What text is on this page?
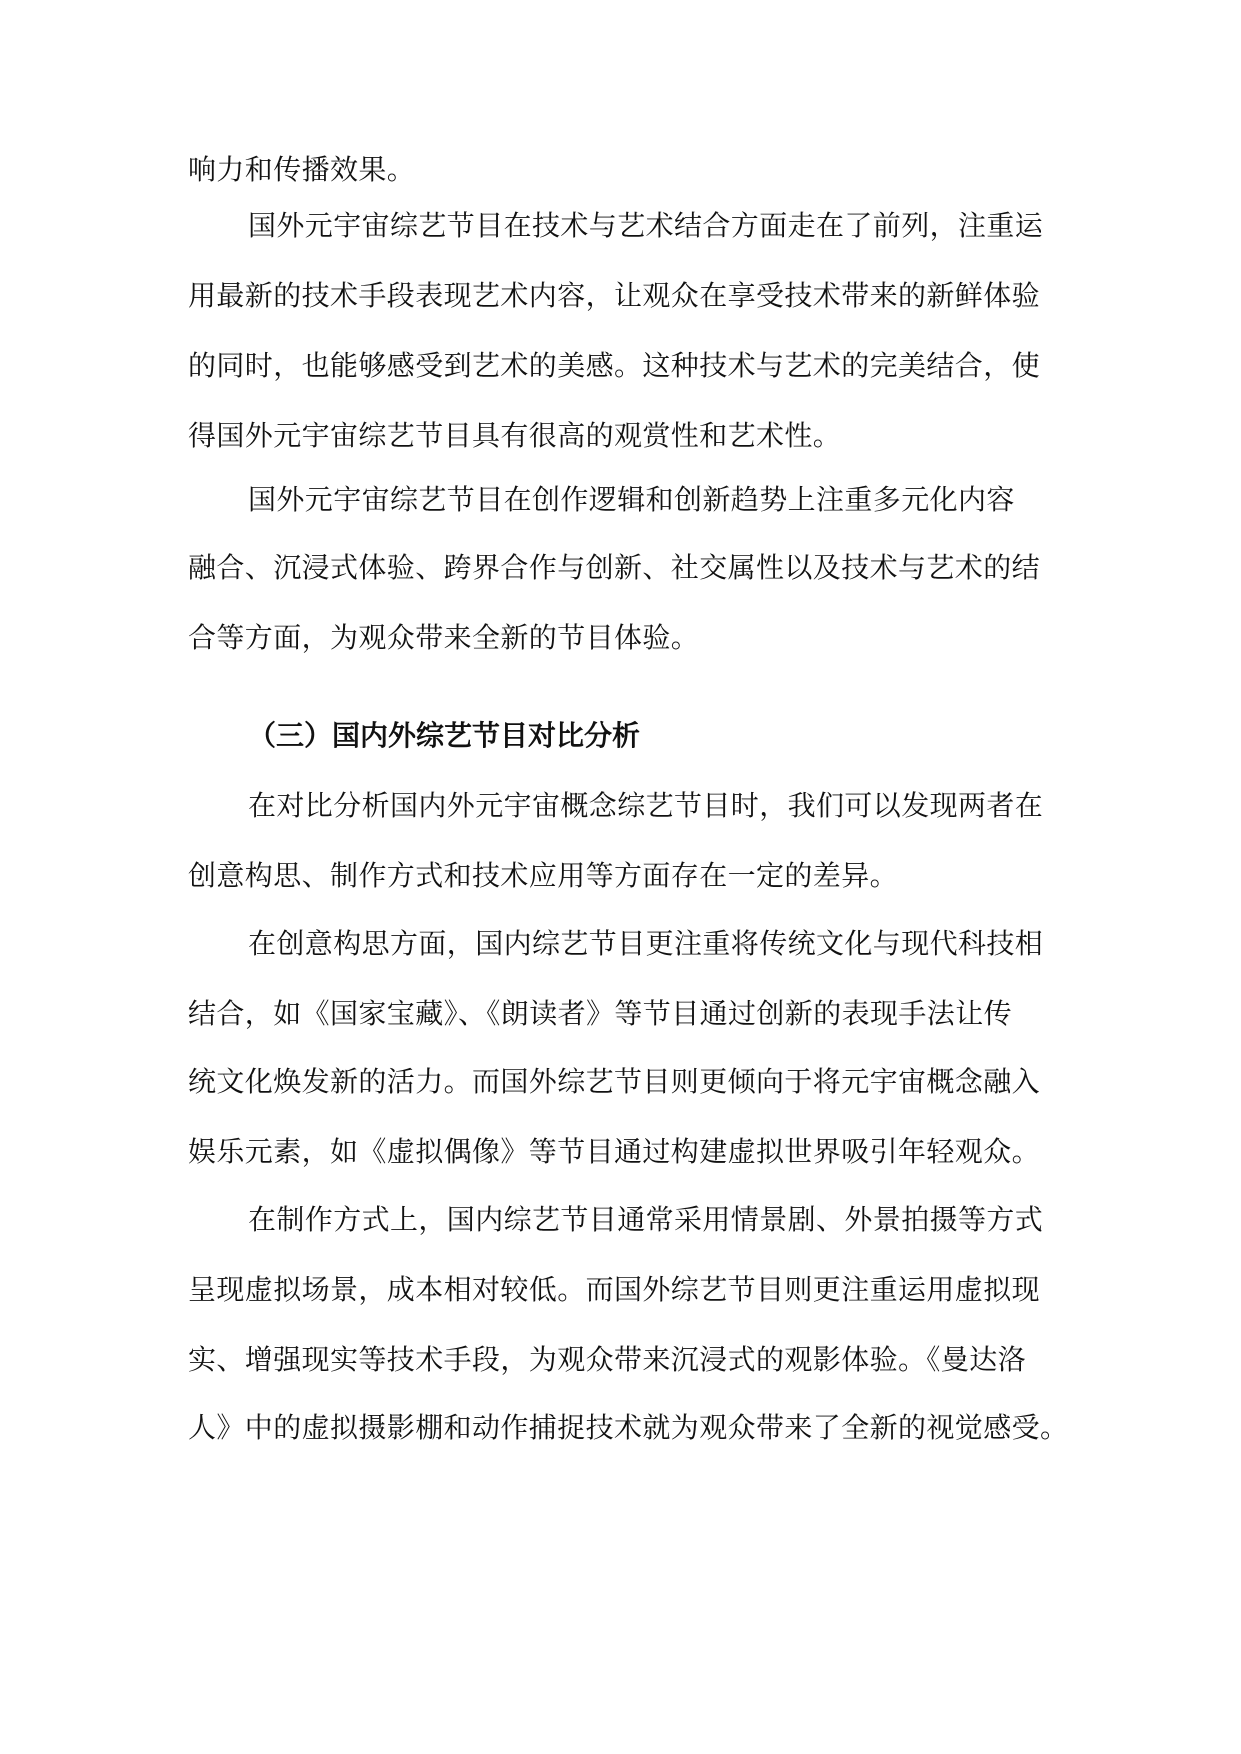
响力和传播效果。
国外元宇宙综艺节目在技术与艺术结合方面走在了前列，注重运
用最新的技术手段表现艺术内容，让观众在享受技术带来的新鲜体验
的同时，也能够感受到艺术的美感。这种技术与艺术的完美结合，使
得国外元宇宙综艺节目具有很高的观赏性和艺术性。
国外元宇宙综艺节目在创作逻辑和创新趋势上注重多元化内容
融合、沉浸式体验、跨界合作与创新、社交属性以及技术与艺术的结
合等方面，为观众带来全新的节目体验。
（三）国内外综艺节目对比分析
在对比分析国内外元宇宙概念综艺节目时，我们可以发现两者在
创意构思、制作方式和技术应用等方面存在一定的差异。
在创意构思方面，国内综艺节目更注重将传统文化与现代科技相
结合，如《国家宝藏》、《朗读者》等节目通过创新的表现手法让传
统文化焕发新的活力。而国外综艺节目则更倾向于将元宇宙概念融入
娱乐元素，如《虚拟偶像》等节目通过构建虚拟世界吸引年轻观众。
在制作方式上，国内综艺节目通常采用情景剧、外景拍摄等方式
呈现虚拟场景，成本相对较低。而国外综艺节目则更注重运用虚拟现
实、增强现实等技术手段，为观众带来沉浸式的观影体验。《曼达洛
人》中的虚拟摄影棚和动作捕捉技术就为观众带来了全新的视觉感受。
